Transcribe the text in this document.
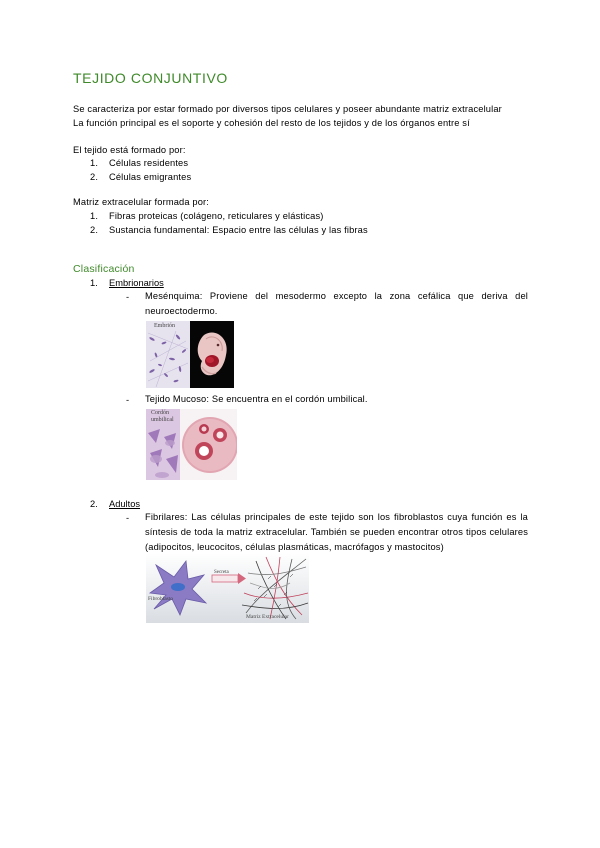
TEJIDO CONJUNTIVO

Se caracteriza por estar formado por diversos tipos celulares y poseer abundante matriz extracelular

La función principal es el soporte y cohesión del resto de los tejidos y de los órganos entre sí

El tejido está formado por:

1. Células residentes
2. Células emigrantes

Matriz extracelular formada por:

1. Fibras proteicas (colágeno, reticulares y elásticas)
2. Sustancia fundamental: Espacio entre las células y las fibras
Clasificación
1. Embrionarios
- Mesénquima: Proviene del mesodermo excepto la zona cefálica que deriva del neuroectodermo.

Embrión
- Tejido Mucoso: Se encuentra en el cordón umbilical.

Cordón
umbilical
2. Adultos
- Fibrilares: Las células principales de este tejido son los fibroblastos cuya función es la síntesis de toda la matriz extracelular. También se pueden encontrar otros tipos celulares (adipocitos, leucocitos, células plasmáticas, macrófagos y mastocitos)

Fibroblasto
Secreta
Matriz Extracelular
